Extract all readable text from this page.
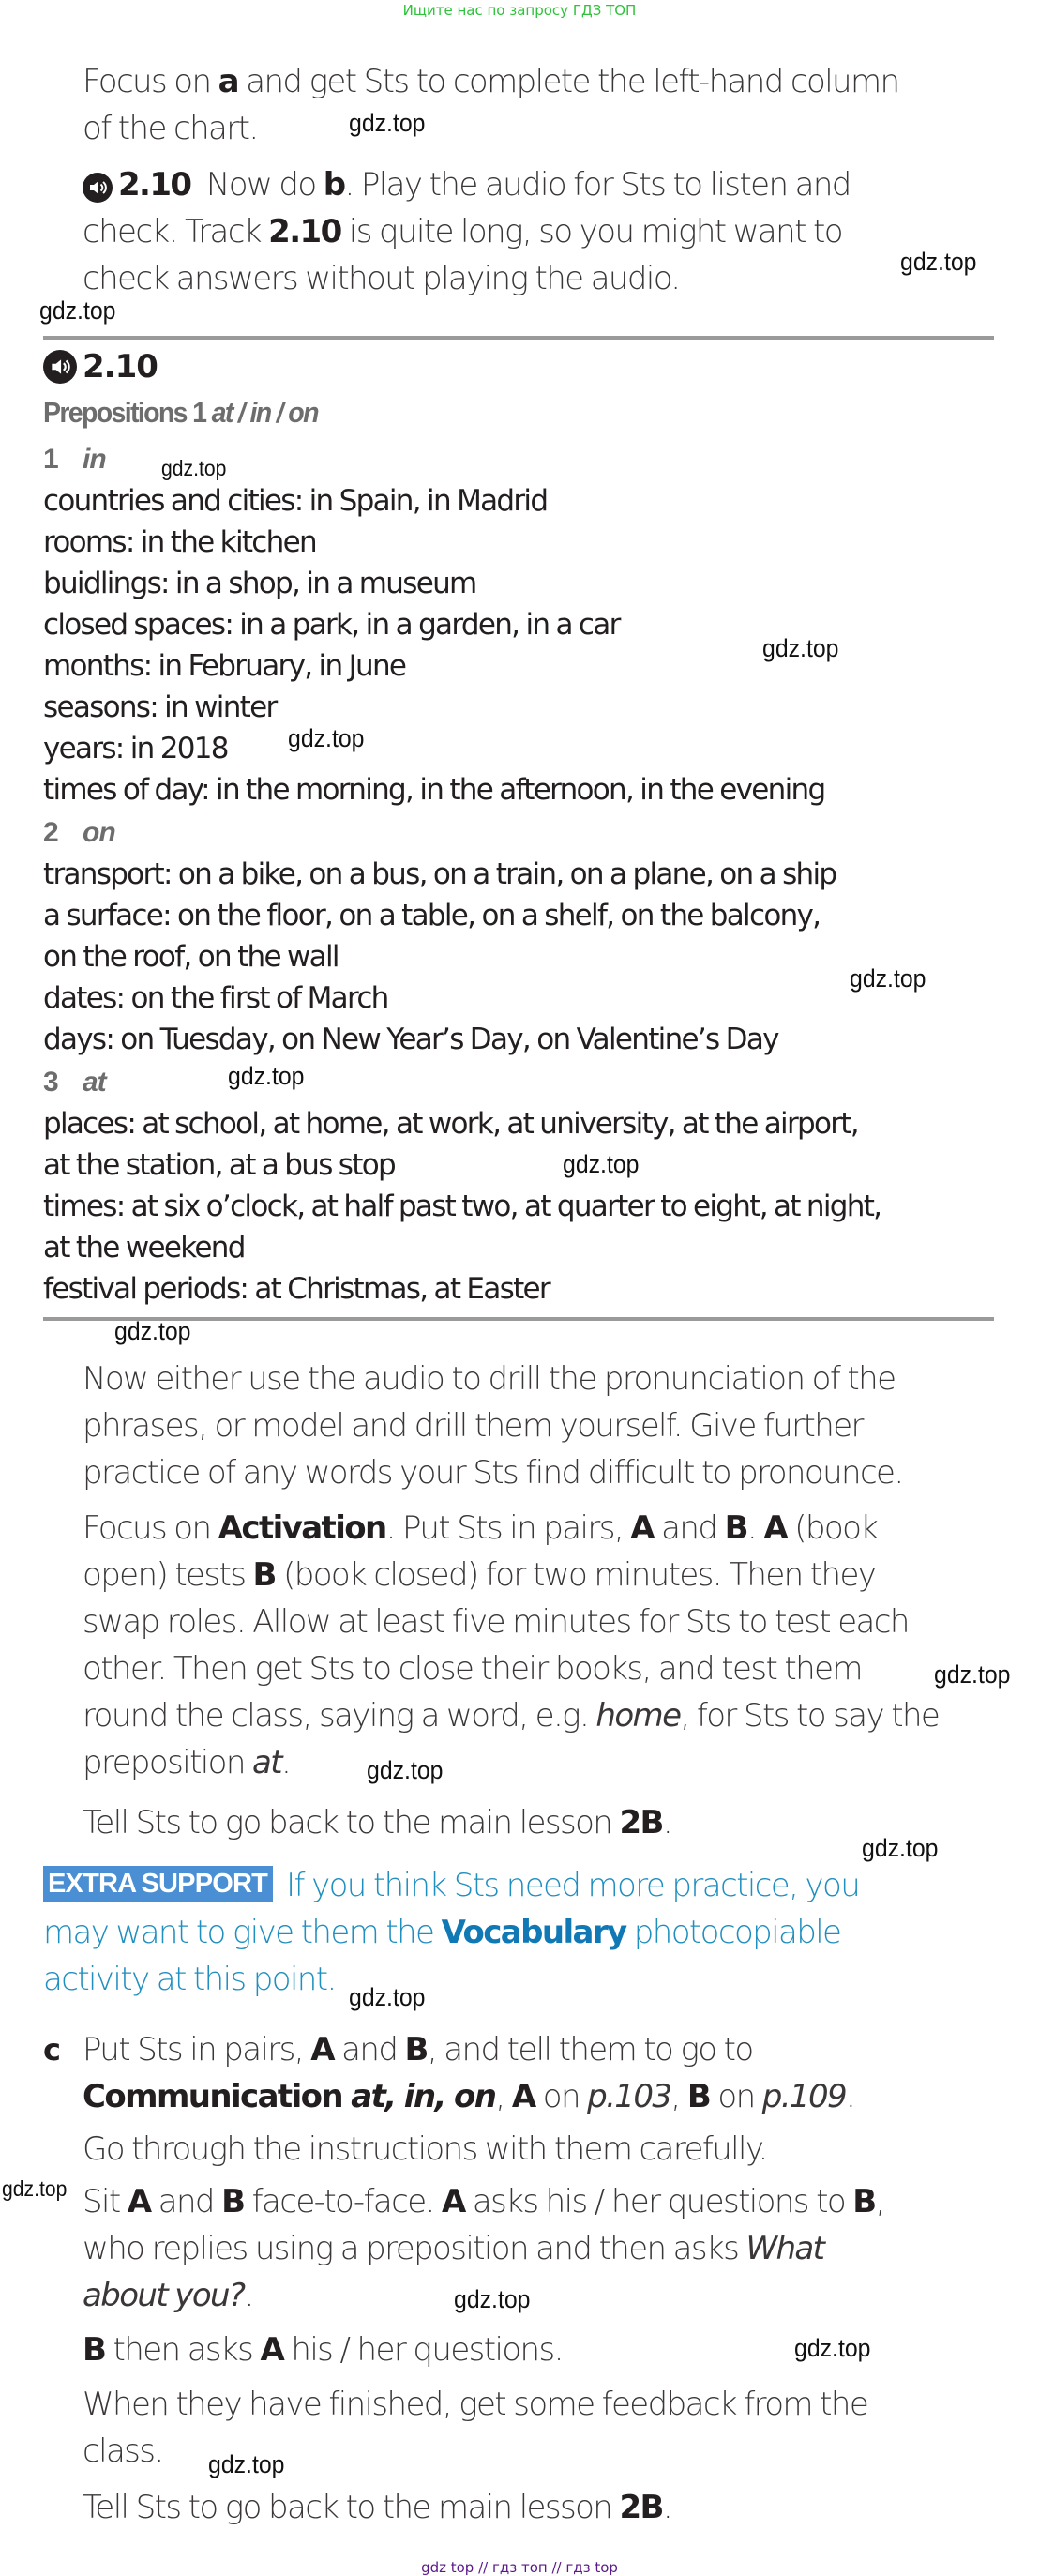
Ищите нас по запросу ГДЗ ТОП
Focus on a and get Sts to complete the left-hand column
of the chart.
2.10 Now do b. Play the audio for Sts to listen and
check. Track 2.10 is quite long, so you might want to
check answers without playing the audio.
2.10
Prepositions 1 at / in / on
1 in
countries and cities: in Spain, in Madrid
rooms: in the kitchen
buidlings: in a shop, in a museum
closed spaces: in a park, in a garden, in a car
months: in February, in June
seasons: in winter
years: in 2018
times of day: in the morning, in the afternoon, in the evening
2 on
transport: on a bike, on a bus, on a train, on a plane, on a ship
a surface: on the floor, on a table, on a shelf, on the balcony,
on the roof, on the wall
dates: on the first of March
days: on Tuesday, on New Year’s Day, on Valentine’s Day
3 at
places: at school, at home, at work, at university, at the airport,
at the station, at a bus stop
times: at six o’clock, at half past two, at quarter to eight, at night,
at the weekend
festival periods: at Christmas, at Easter
Now either use the audio to drill the pronunciation of the
phrases, or model and drill them yourself. Give further
practice of any words your Sts find difficult to pronounce.
Focus on Activation. Put Sts in pairs, A and B. A (book
open) tests B (book closed) for two minutes. Then they
swap roles. Allow at least five minutes for Sts to test each
other. Then get Sts to close their books, and test them
round the class, saying a word, e.g. home, for Sts to say the
preposition at.
Tell Sts to go back to the main lesson 2B.
EXTRA SUPPORT If you think Sts need more practice, you
may want to give them the Vocabulary photocopiable
activity at this point.
c Put Sts in pairs, A and B, and tell them to go to
Communication at, in, on, A on p.103, B on p.109.
Go through the instructions with them carefully.
Sit A and B face-to-face. A asks his / her questions to B,
who replies using a preposition and then asks What
about you?.
B then asks A his / her questions.
When they have finished, get some feedback from the
class.
Tell Sts to go back to the main lesson 2B.
gdz.top
gdz.top
gdz.top
gdz.top
gdz.top
gdz.top
gdz.top
gdz.top
gdz.top
gdz.top
gdz.top
gdz.top
gdz.top
gdz.top
gdz.top
gdz.top
gdz.top
gdz.top
gdz top // гдз топ // гдз top
